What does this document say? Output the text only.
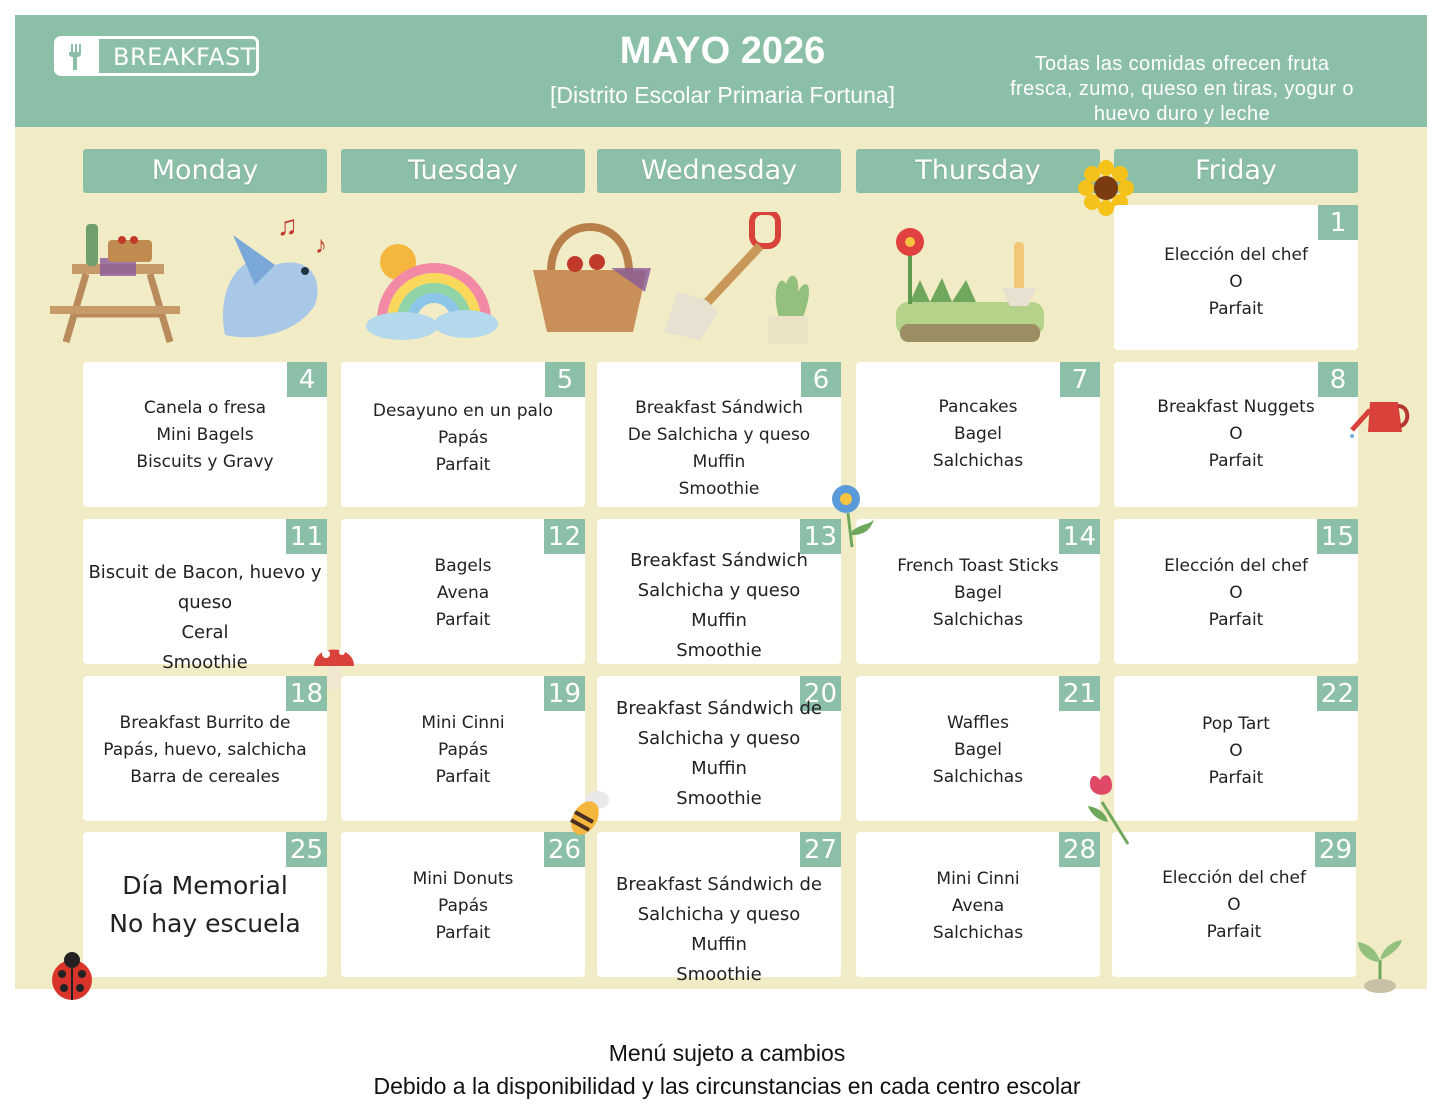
BREAKFAST	MAYO 2026
[Distrito Escolar Primaria Fortuna]
Todas las comidas ofrecen fruta fresca, zumo, queso en tiras, yogur o huevo duro y leche
Monday	Tuesday	Wednesday	Thursday	Friday
♫
♪
1
Elección del chef
O
Parfait
4
Canela o fresa
Mini Bagels
Biscuits y Gravy
5
Desayuno en un palo
Papás
Parfait
6
Breakfast Sándwich
De Salchicha y queso
Muffin
Smoothie
7
Pancakes
Bagel
Salchichas
8
Breakfast Nuggets
O
Parfait
11
Biscuit de Bacon, huevo y
queso
Ceral
Smoothie
12
Bagels
Avena
Parfait
13
Breakfast Sándwich
Salchicha y queso
Muffin
Smoothie
14
French Toast Sticks
Bagel
Salchichas
15
Elección del chef
O
Parfait
18
Breakfast Burrito de
Papás, huevo, salchicha
Barra de cereales
19
Mini Cinni
Papás
Parfait
20
Breakfast Sándwich de
Salchicha y queso
Muffin
Smoothie
21
Waffles
Bagel
Salchichas
22
Pop Tart
O
Parfait
25
Día Memorial
No hay escuela
26
Mini Donuts
Papás
Parfait
27
Breakfast Sándwich de
Salchicha y queso
Muffin
Smoothie
28
Mini Cinni
Avena
Salchichas
29
Elección del chef
O
Parfait
Menú sujeto a cambios
Debido a la disponibilidad y las circunstancias en cada centro escolar
